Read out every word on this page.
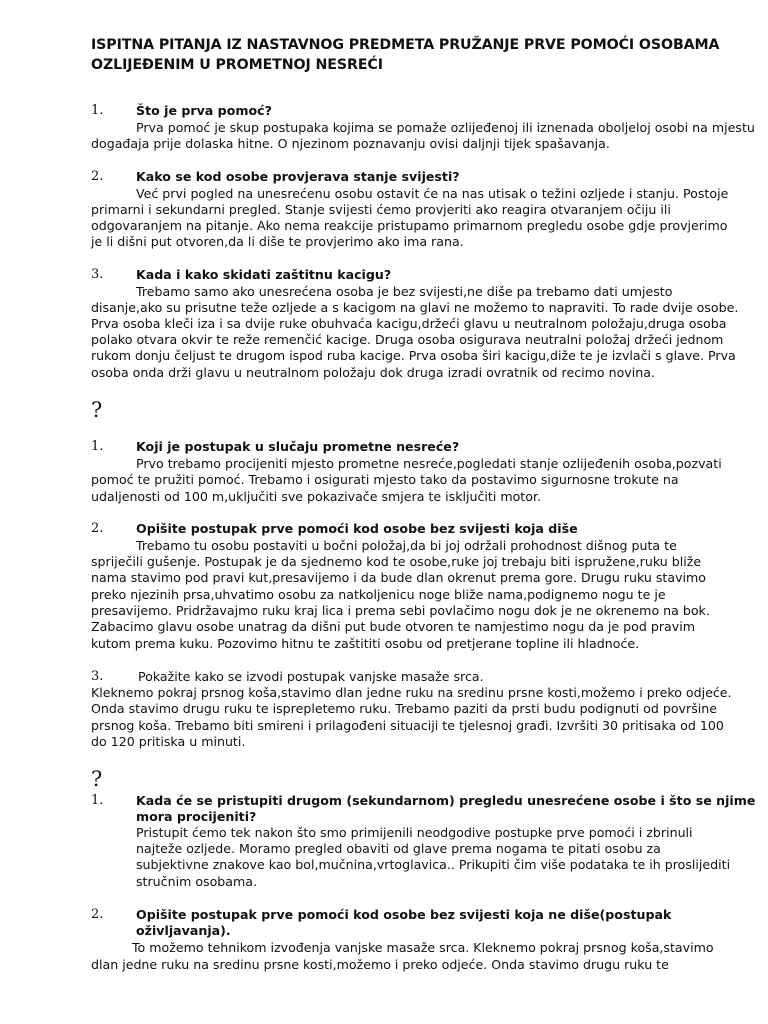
ISPITNA PITANJA IZ NASTAVNOG PREDMETA PRUŽANJE PRVE POMOĆI OSOBAMA
OZLIJEĐENIM U PROMETNOJ NESREĆI
1.	Što je prva pomoć?
Prva pomoć je skup postupaka kojima se pomaže ozlijeđenoj ili iznenada oboljeloj osobi na mjestu
događaja prije dolaska hitne. O njezinom poznavanju ovisi daljnji tijek spašavanja.
2.	Kako se kod osobe provjerava stanje svijesti?
Već prvi pogled na unesrećenu osobu ostavit će na nas utisak o težini ozljede i stanju. Postoje
primarni i sekundarni pregled. Stanje svijesti ćemo provjeriti ako reagira otvaranjem očiju ili
odgovaranjem na pitanje. Ako nema reakcije pristupamo primarnom pregledu osobe gdje provjerimo
je li dišni put otvoren,da li diše te provjerimo ako ima rana.
3.	Kada i kako skidati zaštitnu kacigu?
Trebamo samo ako unesrećena osoba je bez svijesti,ne diše pa trebamo dati umjesto
disanje,ako su prisutne teže ozljede a s kacigom na glavi ne možemo to napraviti. To rade dvije osobe.
Prva osoba kleči iza i sa dvije ruke obuhvaća kacigu,držeći glavu u neutralnom položaju,druga osoba
polako otvara okvir te reže remenčić kacige. Druga osoba osigurava neutralni položaj držeći jednom
rukom donju čeljust te drugom ispod ruba kacige. Prva osoba širi kacigu,diže te je izvlači s glave. Prva
osoba onda drži glavu u neutralnom položaju dok druga izradi ovratnik od recimo novina.
?
1.	Koji je postupak u slučaju prometne nesreće?
Prvo trebamo procijeniti mjesto prometne nesreće,pogledati stanje ozlijeđenih osoba,pozvati
pomoć te pružiti pomoć. Trebamo i osigurati mjesto tako da postavimo sigurnosne trokute na
udaljenosti od 100 m,uključiti sve pokazivače smjera te isključiti motor.
2.	Opišite postupak prve pomoći kod osobe bez svijesti koja diše
Trebamo tu osobu postaviti u bočni položaj,da bi joj održali prohodnost dišnog puta te
spriječili gušenje. Postupak je da sjednemo kod te osobe,ruke joj trebaju biti ispružene,ruku bliže
nama stavimo pod pravi kut,presavijemo i da bude dlan okrenut prema gore. Drugu ruku stavimo
preko njezinih prsa,uhvatimo osobu za natkoljenicu noge bliže nama,podignemo nogu te je
presavijemo. Pridržavajmo ruku kraj lica i prema sebi povlačimo nogu dok je ne okrenemo na bok.
Zabacimo glavu osobe unatrag da dišni put bude otvoren te namjestimo nogu da je pod pravim
kutom prema kuku. Pozovimo hitnu te zaštititi osobu od pretjerane topline ili hladnoće.
3.	Pokažite kako se izvodi postupak vanjske masaže srca.
Kleknemo pokraj prsnog koša,stavimo dlan jedne ruku na sredinu prsne kosti,možemo i preko odjeće.
Onda stavimo drugu ruku te isprepletemo ruku. Trebamo paziti da prsti budu podignuti od površine
prsnog koša. Trebamo biti smireni i prilagođeni situaciji te tjelesnoj građi. Izvršiti 30 pritisaka od 100
do 120 pritiska u minuti.
?
1.	Kada će se pristupiti drugom (sekundarnom) pregledu unesrećene osobe i što se njime
mora procijeniti?
Pristupit ćemo tek nakon što smo primijenili neodgodive postupke prve pomoći i zbrinuli
najteže ozljede. Moramo pregled obaviti od glave prema nogama te pitati osobu za
subjektivne znakove kao bol,mučnina,vrtoglavica.. Prikupiti čim više podataka te ih proslijediti
stručnim osobama.
2.	Opišite postupak prve pomoći kod osobe bez svijesti koja ne diše(postupak
oživljavanja).
To možemo tehnikom izvođenja vanjske masaže srca. Kleknemo pokraj prsnog koša,stavimo
dlan jedne ruku na sredinu prsne kosti,možemo i preko odjeće. Onda stavimo drugu ruku te
